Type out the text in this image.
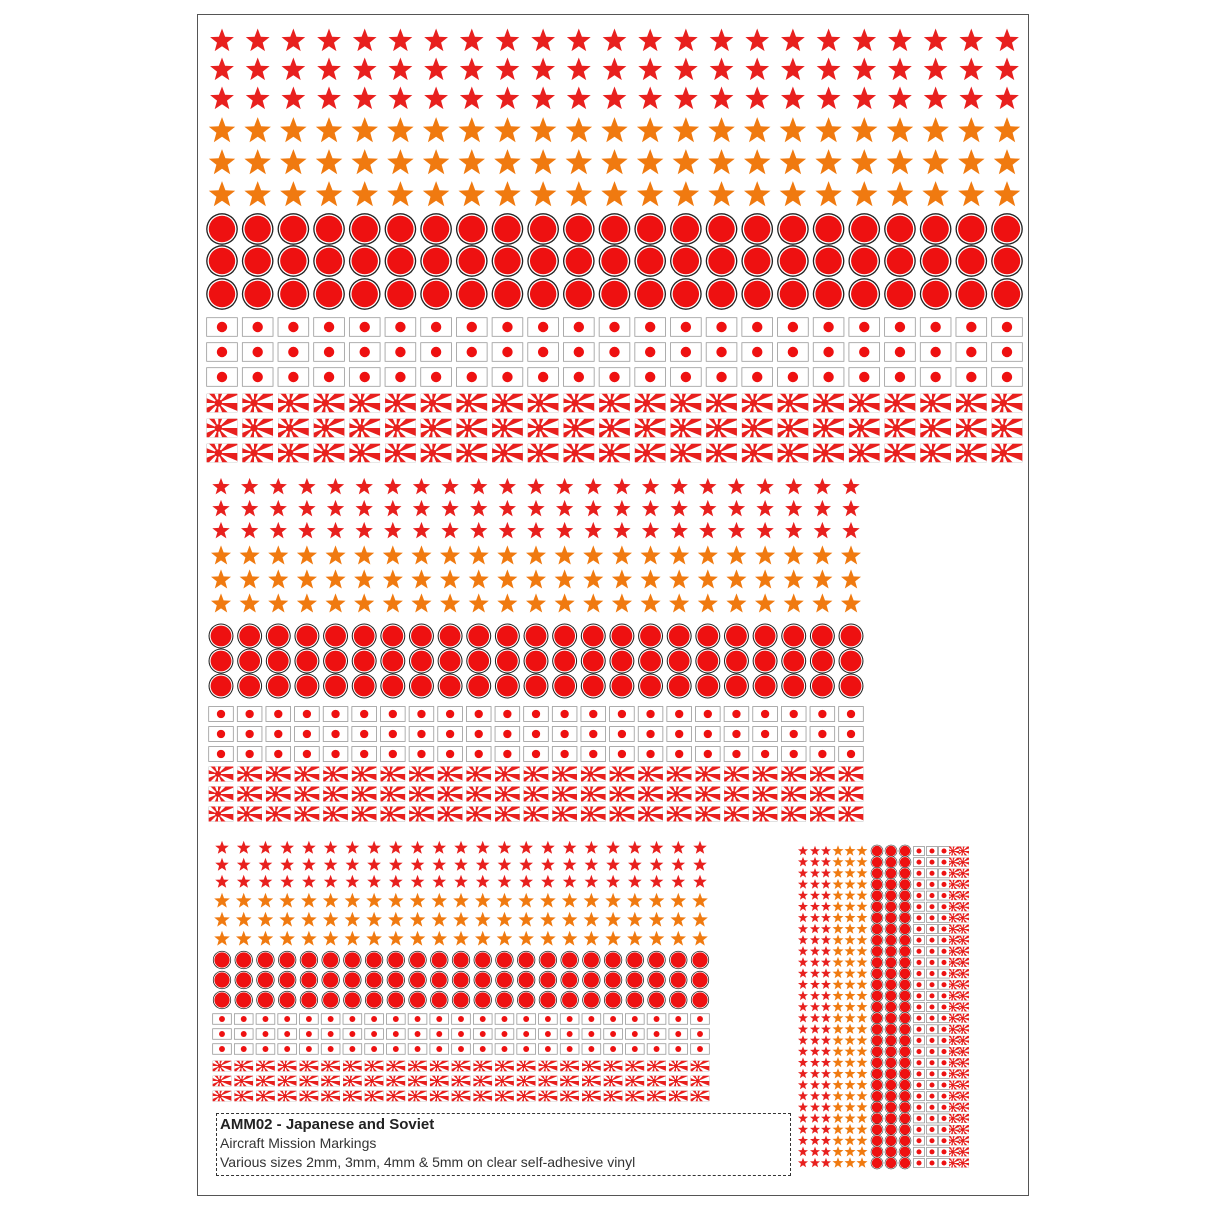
AMM02 - Japanese and Soviet
Aircraft Mission Markings
Various sizes 2mm, 3mm, 4mm & 5mm on clear self-adhesive vinyl
